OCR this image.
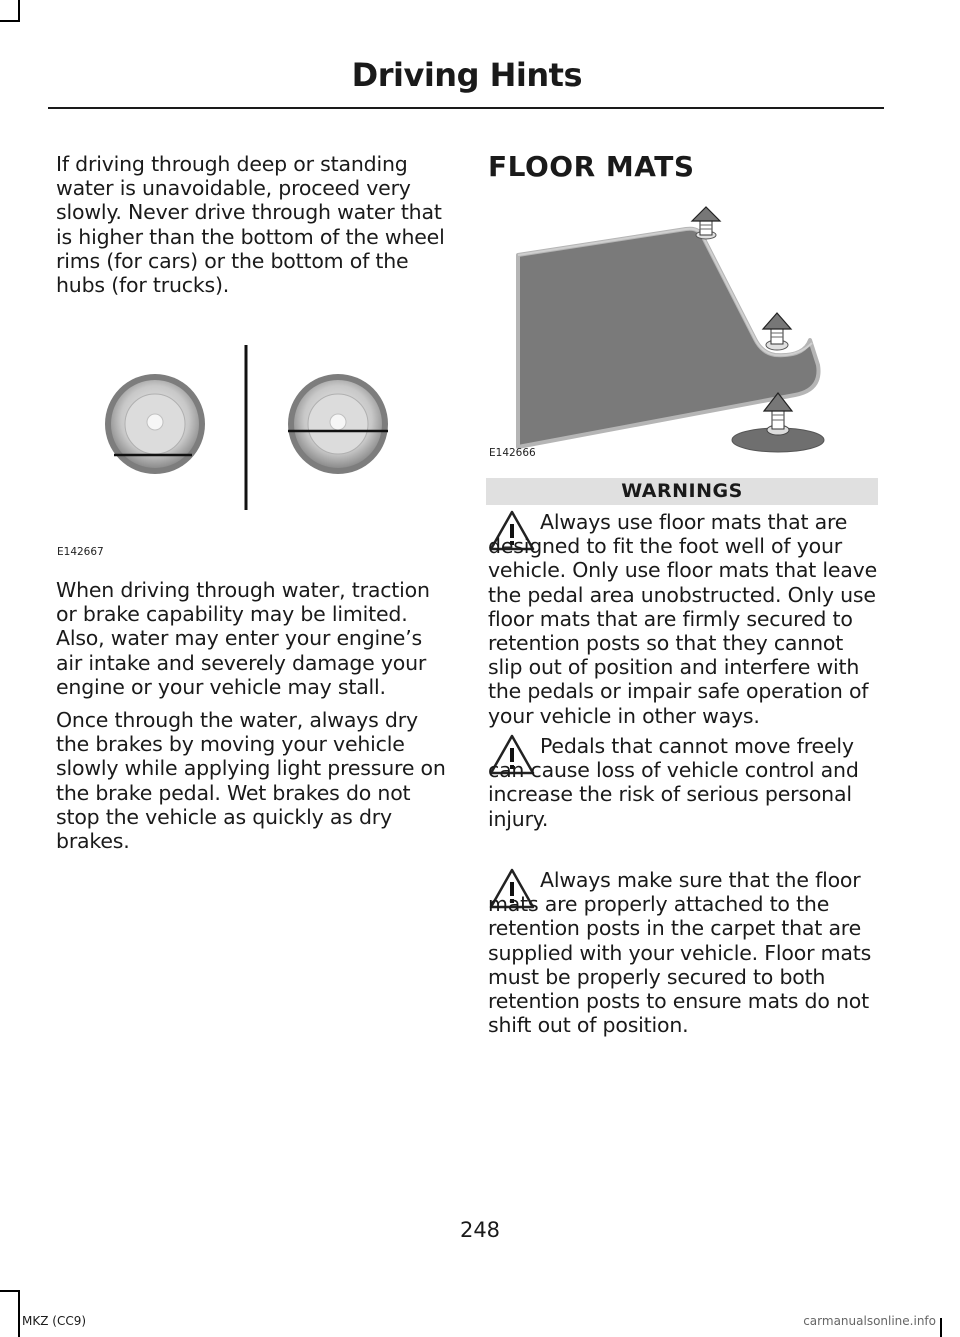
Driving Hints

If driving through deep or standing water is unavoidable, proceed very slowly. Never drive through water that is higher than the bottom of the wheel rims (for cars) or the bottom of the hubs (for trucks).

E142667

When driving through water, traction or brake capability may be limited. Also, water may enter your engine’s air intake and severely damage your engine or your vehicle may stall.

Once through the water, always dry the brakes by moving your vehicle slowly while applying light pressure on the brake pedal. Wet brakes do not stop the vehicle as quickly as dry brakes.

FLOOR MATS
E142666
WARNINGS

Always use floor mats that are designed to fit the foot well of your vehicle. Only use floor mats that leave the pedal area unobstructed. Only use floor mats that are firmly secured to retention posts so that they cannot slip out of position and interfere with the pedals or impair safe operation of your vehicle in other ways.

Pedals that cannot move freely can cause loss of vehicle control and increase the risk of serious personal injury.

Always make sure that the floor mats are properly attached to the retention posts in the carpet that are supplied with your vehicle. Floor mats must be properly secured to both retention posts to ensure mats do not shift out of position.

248
MKZ (CC9)	carmanualsonline.info
